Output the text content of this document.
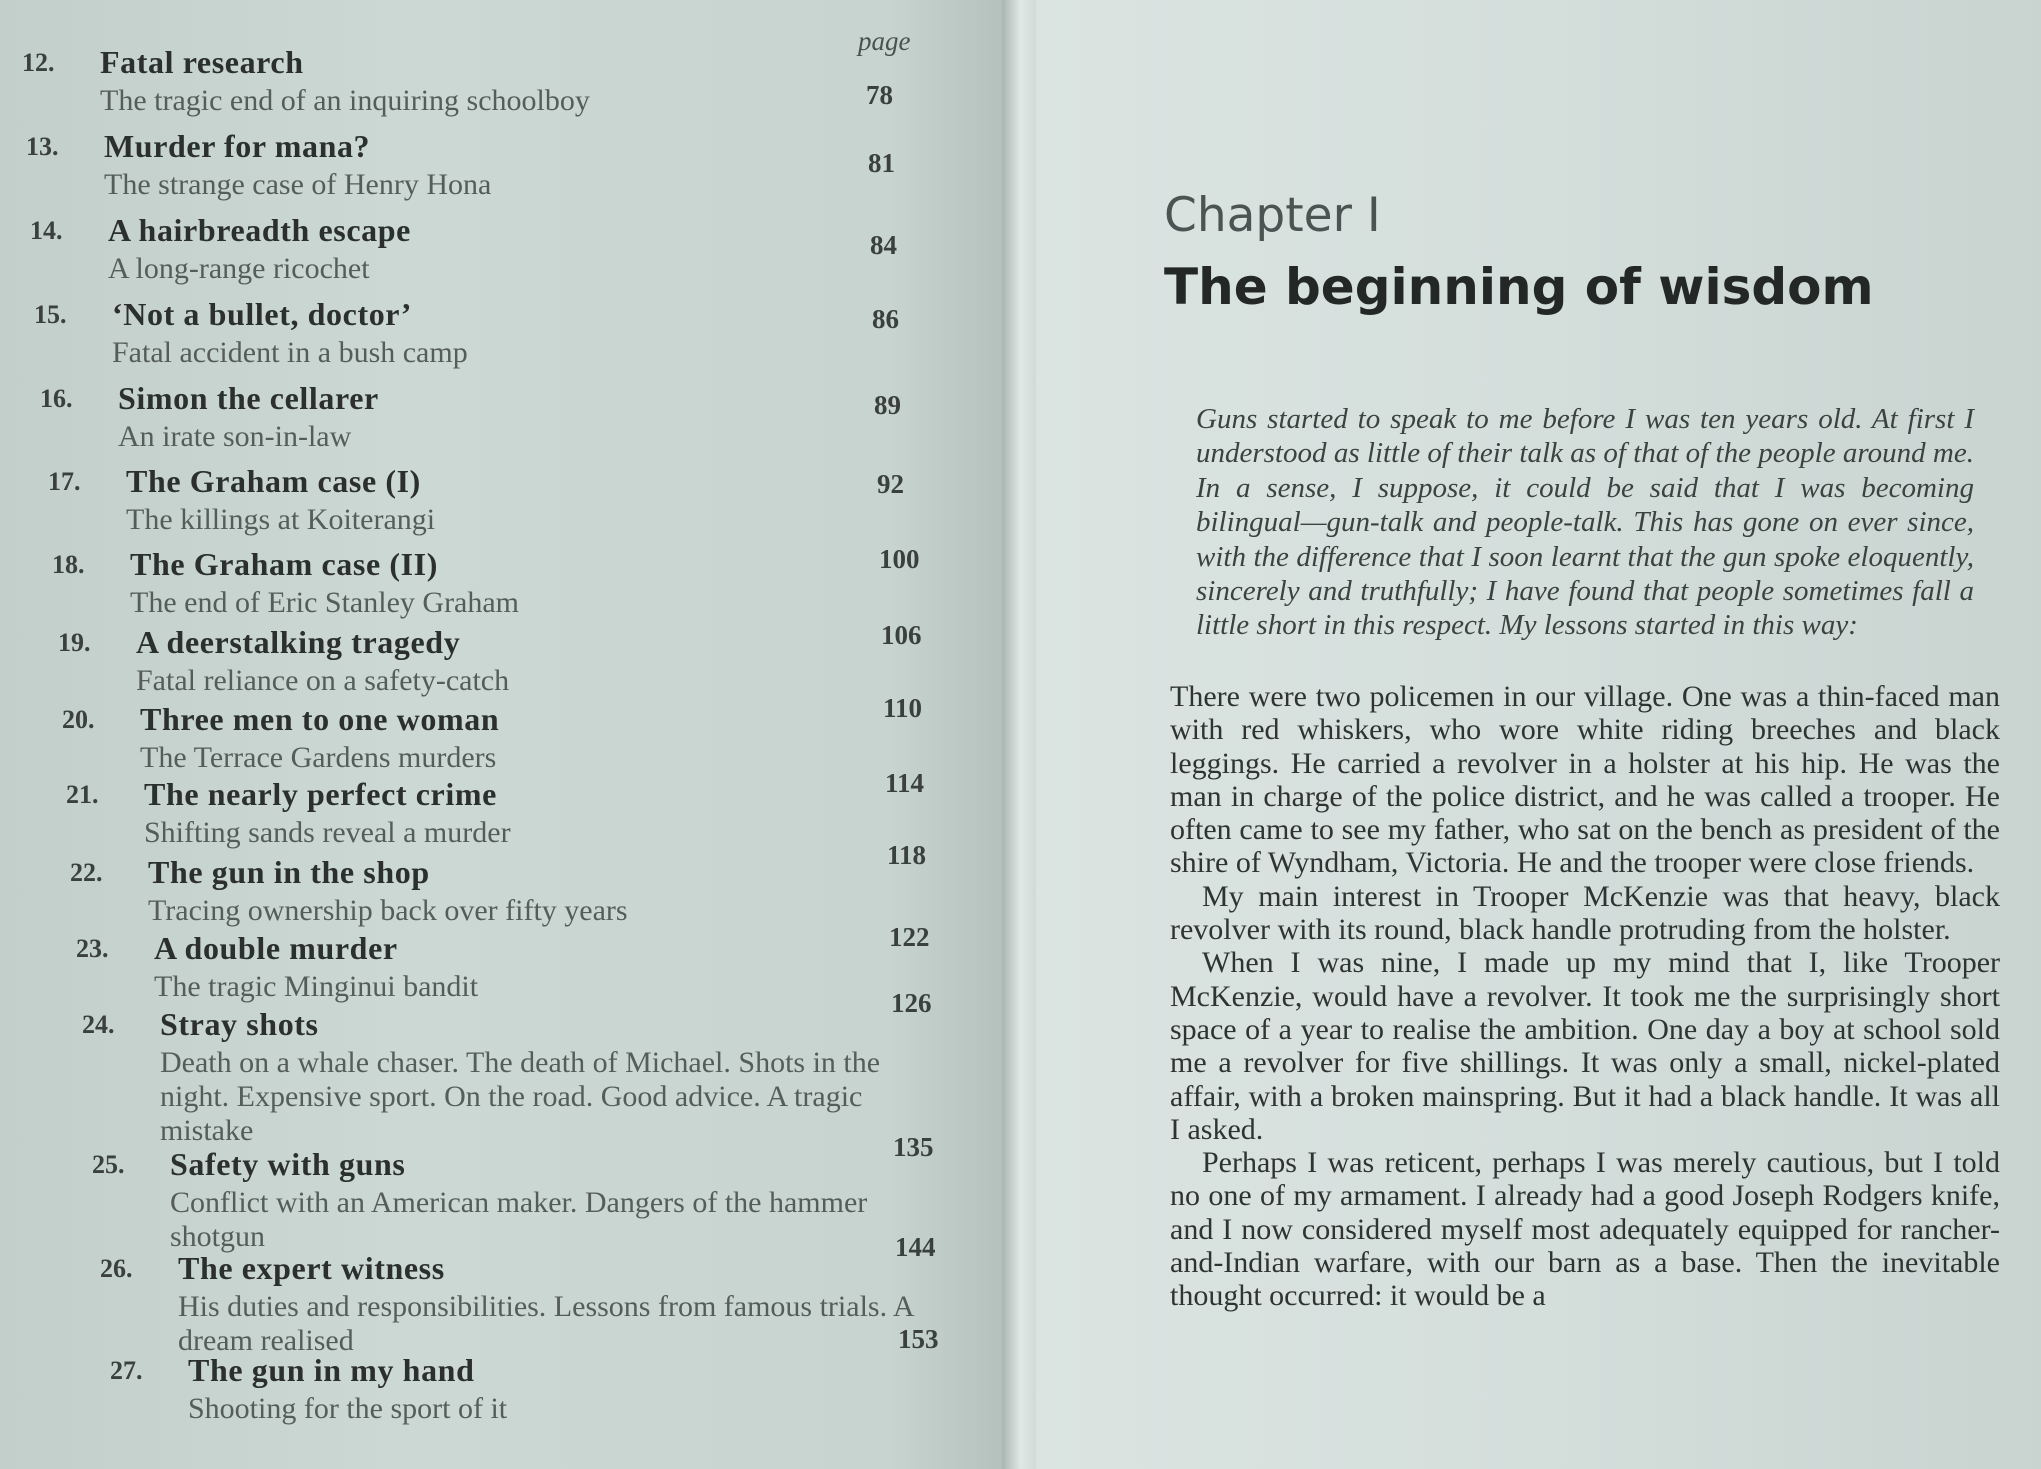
page
12. Fatal research
The tragic end of an inquiring schoolboy	78
13. Murder for mana?
The strange case of Henry Hona
81
14. A hairbreadth escape
A long-range ricochet
84
15. ‘Not a bullet, doctor’
Fatal accident in a bush camp
86
16. Simon the cellarer
An irate son-in-law
89
17. The Graham case (I)
The killings at Koiterangi
92
18. The Graham case (II)
The end of Eric Stanley Graham
100
19. A deerstalking tragedy
Fatal reliance on a safety-catch
106
20. Three men to one woman
The Terrace Gardens murders
110
21. The nearly perfect crime
Shifting sands reveal a murder
114
22. The gun in the shop
Tracing ownership back over fifty years
118
23. A double murder
The tragic Minginui bandit
122
24. Stray shots
Death on a whale chaser. The death of Michael. Shots in the night. Expensive sport. On the road. Good advice. A tragic mistake
126
25. Safety with guns
Conflict with an American maker. Dangers of the hammer shotgun
135
26. The expert witness
His duties and responsibilities. Lessons from famous trials. A dream realised
144
27. The gun in my hand
Shooting for the sport of it
153
Chapter I
The beginning of wisdom
Guns started to speak to me before I was ten years old. At first I understood as little of their talk as of that of the people around me. In a sense, I suppose, it could be said that I was becoming bilingual—gun-talk and people-talk. This has gone on ever since, with the difference that I soon learnt that the gun spoke eloquently, sincerely and truthfully; I have found that people sometimes fall a little short in this respect. My lessons started in this way:

There were two policemen in our village. One was a thin-faced man with red whiskers, who wore white riding breeches and black leggings. He carried a revolver in a holster at his hip. He was the man in charge of the police district, and he was called a trooper. He often came to see my father, who sat on the bench as president of the shire of Wyndham, Victoria. He and the trooper were close friends.

My main interest in Trooper McKenzie was that heavy, black revolver with its round, black handle protruding from the holster.

When I was nine, I made up my mind that I, like Trooper McKenzie, would have a revolver. It took me the surprisingly short space of a year to realise the ambition. One day a boy at school sold me a revolver for five shillings. It was only a small, nickel-plated affair, with a broken mainspring. But it had a black handle. It was all I asked.

Perhaps I was reticent, perhaps I was merely cautious, but I told no one of my armament. I already had a good Joseph Rodgers knife, and I now considered myself most adequately equipped for rancher-and-Indian warfare, with our barn as a base. Then the inevitable thought occurred: it would be a
